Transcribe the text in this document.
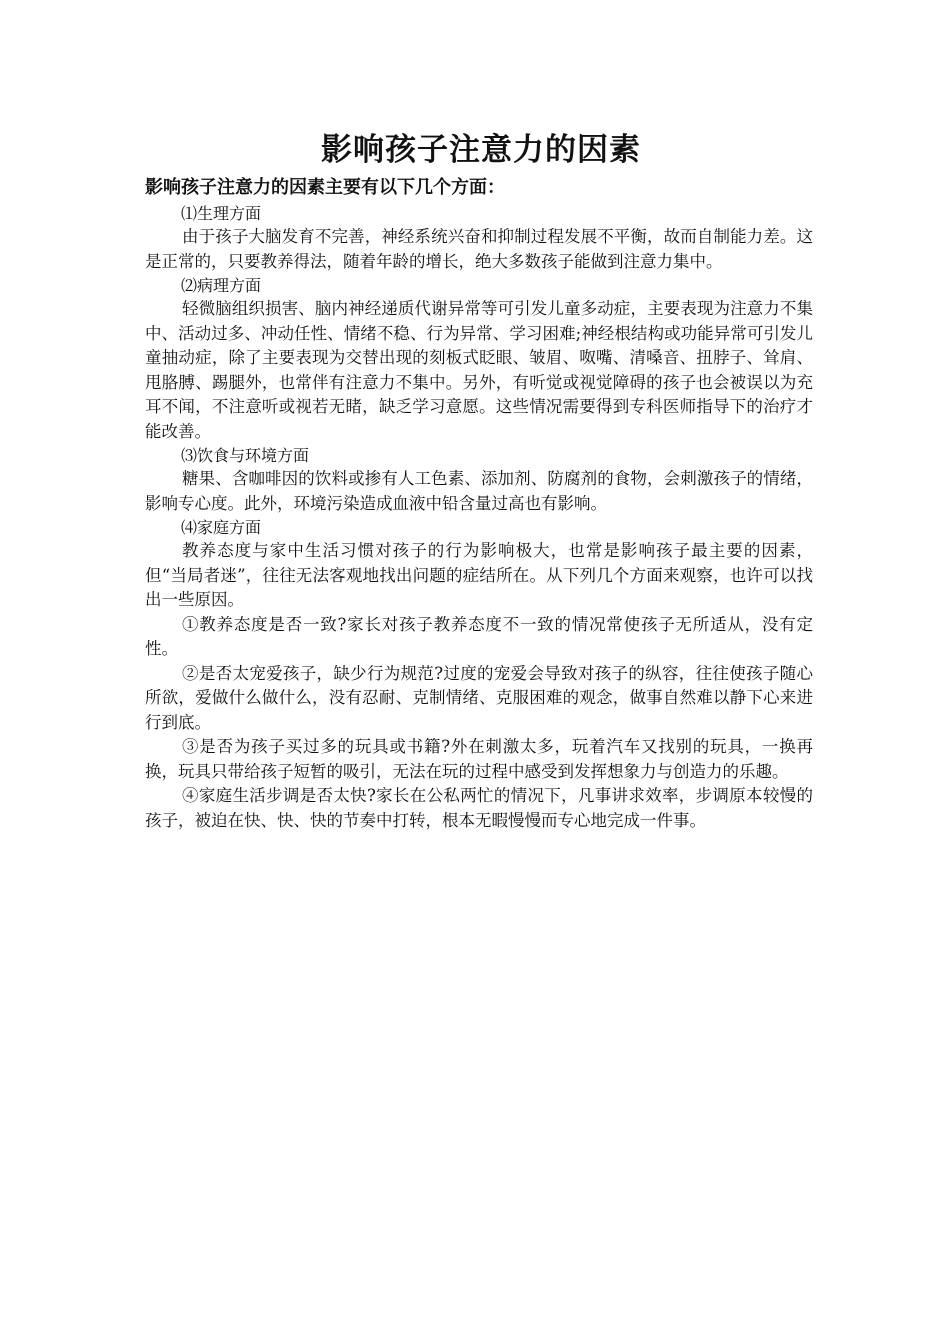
影响孩子注意力的因素

影响孩子注意力的因素主要有以下几个方面：

⑴生理方面

由于孩子大脑发育不完善，神经系统兴奋和抑制过程发展不平衡，故而自制能力差。这是正常的，只要教养得法，随着年龄的增长，绝大多数孩子能做到注意力集中。

⑵病理方面

轻微脑组织损害、脑内神经递质代谢异常等可引发儿童多动症，主要表现为注意力不集中、活动过多、冲动任性、情绪不稳、行为异常、学习困难;神经根结构或功能异常可引发儿童抽动症，除了主要表现为交替出现的刻板式眨眼、皱眉、呶嘴、清嗓音、扭脖子、耸肩、甩胳膊、踢腿外，也常伴有注意力不集中。另外，有听觉或视觉障碍的孩子也会被误以为充耳不闻，不注意听或视若无睹，缺乏学习意愿。这些情况需要得到专科医师指导下的治疗才能改善。

⑶饮食与环境方面

糖果、含咖啡因的饮料或掺有人工色素、添加剂、防腐剂的食物，会刺激孩子的情绪，影响专心度。此外，环境污染造成血液中铅含量过高也有影响。

⑷家庭方面

教养态度与家中生活习惯对孩子的行为影响极大，也常是影响孩子最主要的因素，但“当局者迷”，往往无法客观地找出问题的症结所在。从下列几个方面来观察，也许可以找出一些原因。

①教养态度是否一致?家长对孩子教养态度不一致的情况常使孩子无所适从，没有定性。

②是否太宠爱孩子，缺少行为规范?过度的宠爱会导致对孩子的纵容，往往使孩子随心所欲，爱做什么做什么，没有忍耐、克制情绪、克服困难的观念，做事自然难以静下心来进行到底。

③是否为孩子买过多的玩具或书籍?外在刺激太多，玩着汽车又找别的玩具，一换再换，玩具只带给孩子短暂的吸引，无法在玩的过程中感受到发挥想象力与创造力的乐趣。

④家庭生活步调是否太快?家长在公私两忙的情况下，凡事讲求效率，步调原本较慢的孩子，被迫在快、快、快的节奏中打转，根本无暇慢慢而专心地完成一件事。
